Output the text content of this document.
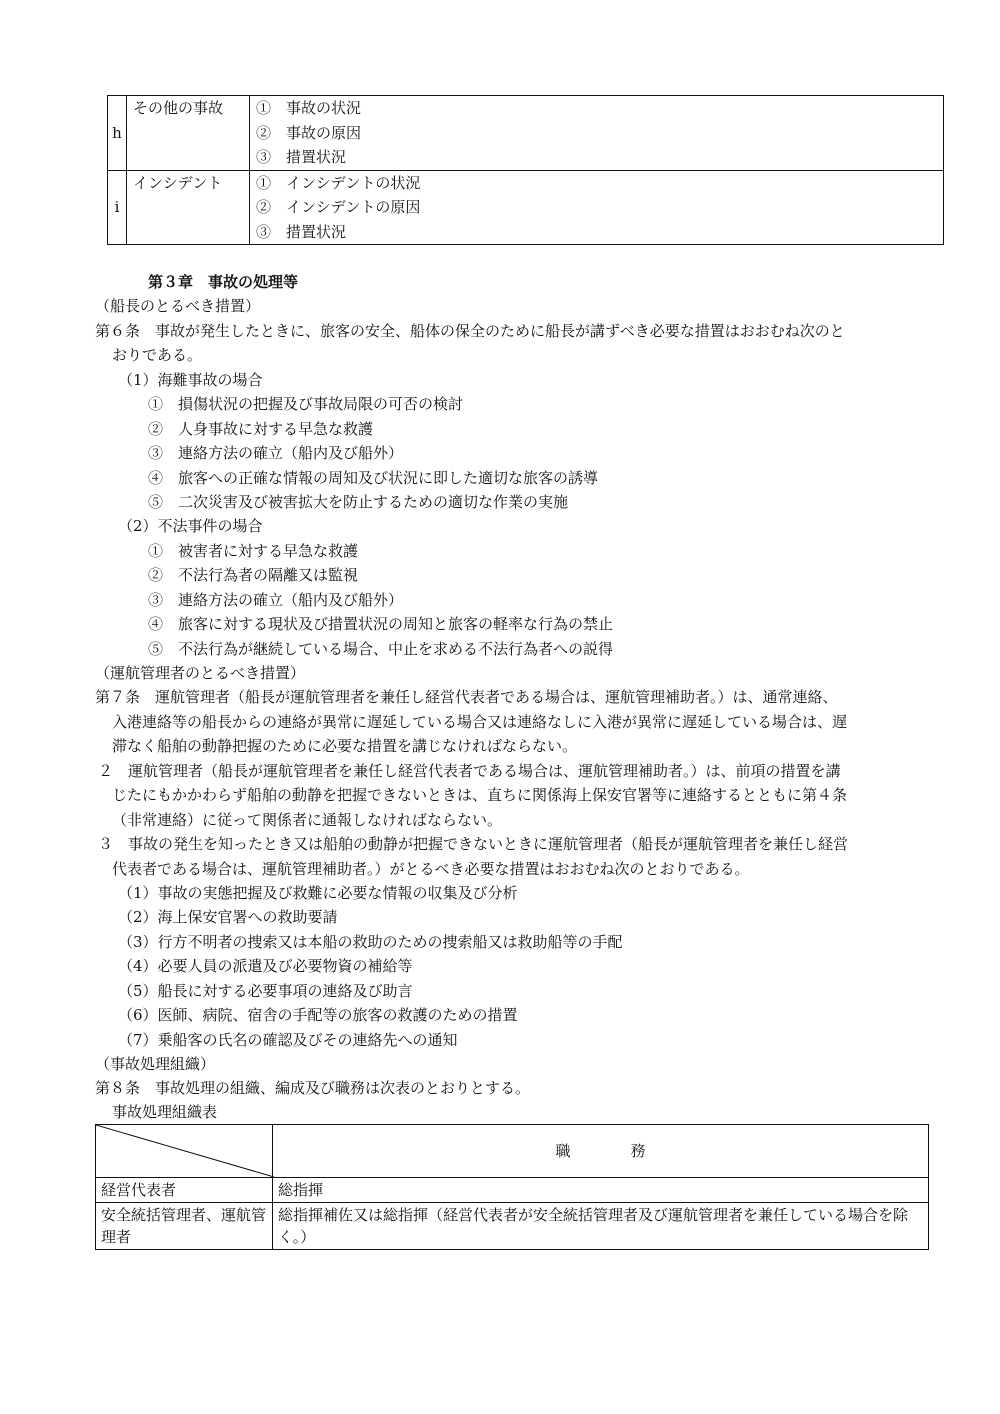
h	その他の事故	①　事故の状況
②　事故の原因
③　措置状況

i	インシデント	①　インシデントの状況
②　インシデントの原因
③　措置状況
第３章　事故の処理等
（船長のとるべき措置）
第６条　事故が発生したときに、旅客の安全、船体の保全のために船長が講ずべき必要な措置はおおむね次のと
おりである。
（1）海難事故の場合
①　損傷状況の把握及び事故局限の可否の検討
②　人身事故に対する早急な救護
③　連絡方法の確立（船内及び船外）
④　旅客への正確な情報の周知及び状況に即した適切な旅客の誘導
⑤　二次災害及び被害拡大を防止するための適切な作業の実施
（2）不法事件の場合
①　被害者に対する早急な救護
②　不法行為者の隔離又は監視
③　連絡方法の確立（船内及び船外）
④　旅客に対する現状及び措置状況の周知と旅客の軽率な行為の禁止
⑤　不法行為が継続している場合、中止を求める不法行為者への説得
（運航管理者のとるべき措置）
第７条　運航管理者（船長が運航管理者を兼任し経営代表者である場合は、運航管理補助者。）は、通常連絡、
入港連絡等の船長からの連絡が異常に遅延している場合又は連絡なしに入港が異常に遅延している場合は、遅
滞なく船舶の動静把握のために必要な措置を講じなければならない。
２　運航管理者（船長が運航管理者を兼任し経営代表者である場合は、運航管理補助者。）は、前項の措置を講
じたにもかかわらず船舶の動静を把握できないときは、直ちに関係海上保安官署等に連絡するとともに第４条
（非常連絡）に従って関係者に通報しなければならない。
３　事故の発生を知ったとき又は船舶の動静が把握できないときに運航管理者（船長が運航管理者を兼任し経営
代表者である場合は、運航管理補助者。）がとるべき必要な措置はおおむね次のとおりである。
（1）事故の実態把握及び救難に必要な情報の収集及び分析
（2）海上保安官署への救助要請
（3）行方不明者の捜索又は本船の救助のための捜索船又は救助船等の手配
（4）必要人員の派遣及び必要物資の補給等
（5）船長に対する必要事項の連絡及び助言
（6）医師、病院、宿舎の手配等の旅客の救護のための措置
（7）乗船客の氏名の確認及びその連絡先への通知
（事故処理組織）
第８条　事故処理の組織、編成及び職務は次表のとおりとする。
事故処理組織表
	職　　　　務
経営代表者	総指揮
安全統括管理者、運航管理者	総指揮補佐又は総指揮（経営代表者が安全統括管理者及び運航管理者を兼任している場合を除く。）
